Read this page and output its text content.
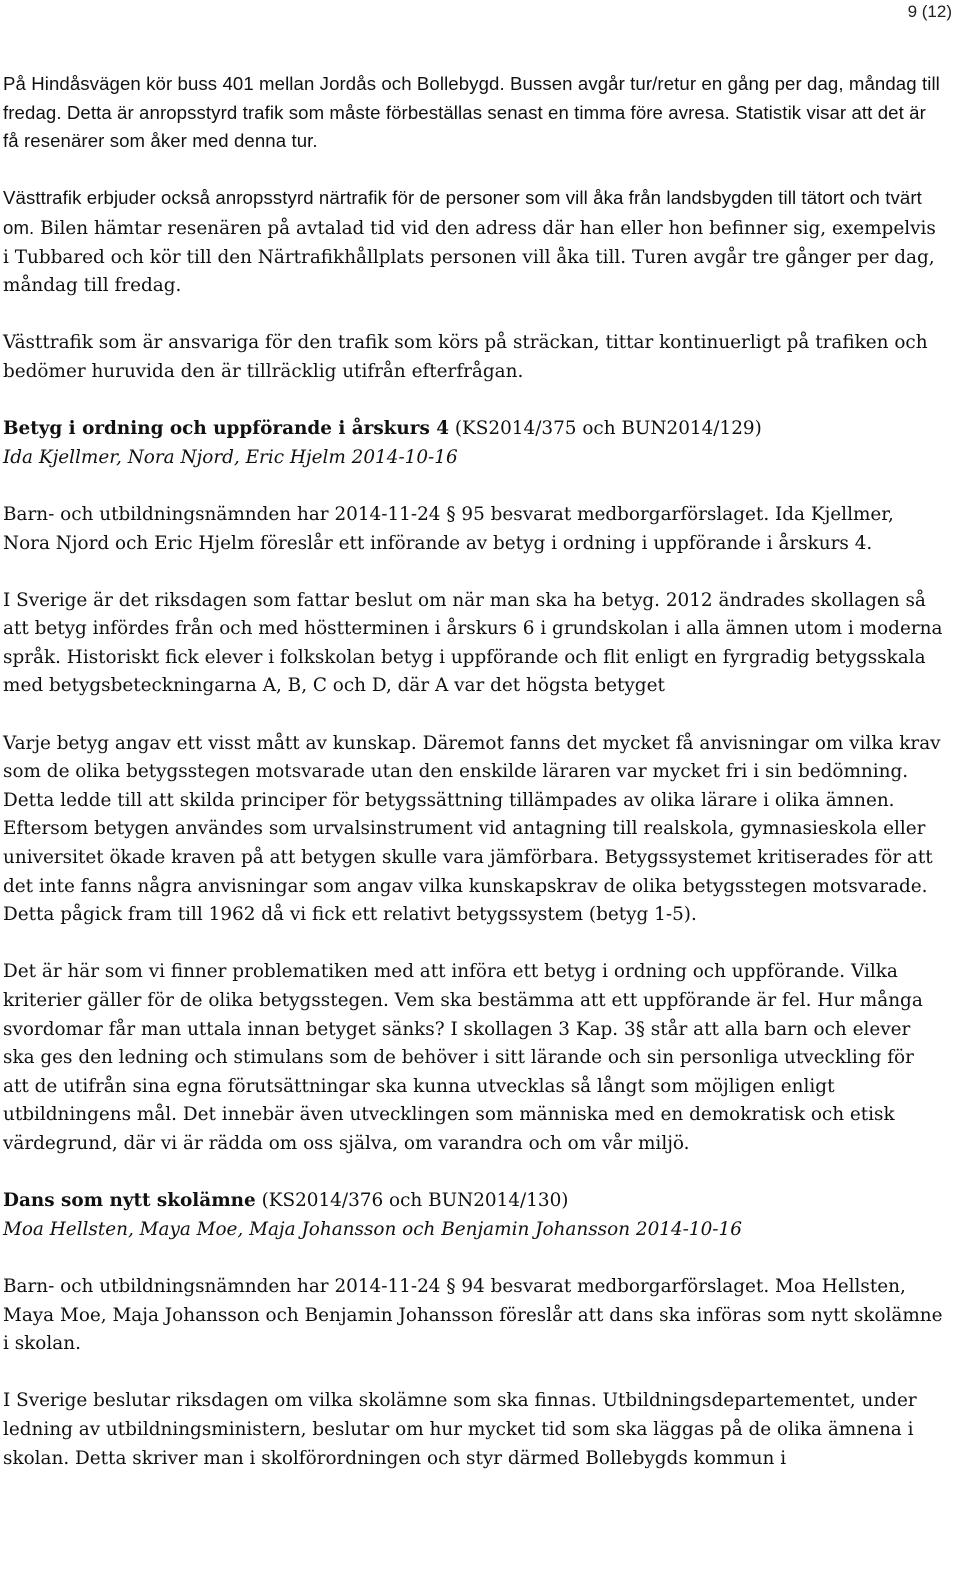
9 (12)

På Hindåsvägen kör buss 401 mellan Jordås och Bollebygd. Bussen avgår tur/retur en gång per dag, måndag till fredag. Detta är anropsstyrd trafik som måste förbeställas senast en timma före avresa. Statistik visar att det är få resenärer som åker med denna tur.

Västtrafik erbjuder också anropsstyrd närtrafik för de personer som vill åka från landsbygden till tätort och tvärt om. Bilen hämtar resenären på avtalad tid vid den adress där han eller hon befinner sig, exempelvis i Tubbared och kör till den Närtrafikhållplats personen vill åka till. Turen avgår tre gånger per dag, måndag till fredag.

Västtrafik som är ansvariga för den trafik som körs på sträckan, tittar kontinuerligt på trafiken och bedömer huruvida den är tillräcklig utifrån efterfrågan.

Betyg i ordning och uppförande i årskurs 4 (KS2014/375 och BUN2014/129)

Ida Kjellmer, Nora Njord, Eric Hjelm 2014-10-16

Barn- och utbildningsnämnden har 2014-11-24 § 95 besvarat medborgarförslaget. Ida Kjellmer, Nora Njord och Eric Hjelm föreslår ett införande av betyg i ordning i uppförande i årskurs 4.

I Sverige är det riksdagen som fattar beslut om när man ska ha betyg. 2012 ändrades skollagen så att betyg infördes från och med höstterminen i årskurs 6 i grundskolan i alla ämnen utom i moderna språk. Historiskt fick elever i folkskolan betyg i uppförande och flit enligt en fyrgradig betygsskala med betygsbeteckningarna A, B, C och D, där A var det högsta betyget

Varje betyg angav ett visst mått av kunskap. Däremot fanns det mycket få anvisningar om vilka krav som de olika betygsstegen motsvarade utan den enskilde läraren var mycket fri i sin bedömning. Detta ledde till att skilda principer för betygssättning tillämpades av olika lärare i olika ämnen. Eftersom betygen användes som urvalsinstrument vid antagning till realskola, gymnasieskola eller universitet ökade kraven på att betygen skulle vara jämförbara. Betygssystemet kritiserades för att det inte fanns några anvisningar som angav vilka kunskapskrav de olika betygsstegen motsvarade. Detta pågick fram till 1962 då vi fick ett relativt betygssystem (betyg 1-5).

Det är här som vi finner problematiken med att införa ett betyg i ordning och uppförande. Vilka kriterier gäller för de olika betygsstegen. Vem ska bestämma att ett uppförande är fel. Hur många svordomar får man uttala innan betyget sänks? I skollagen 3 Kap. 3§ står att alla barn och elever ska ges den ledning och stimulans som de behöver i sitt lärande och sin personliga utveckling för att de utifrån sina egna förutsättningar ska kunna utvecklas så långt som möjligen enligt utbildningens mål. Det innebär även utvecklingen som människa med en demokratisk och etisk värdegrund, där vi är rädda om oss själva, om varandra och om vår miljö.

Dans som nytt skolämne (KS2014/376 och BUN2014/130)

Moa Hellsten, Maya Moe, Maja Johansson och Benjamin Johansson 2014-10-16

Barn- och utbildningsnämnden har 2014-11-24 § 94 besvarat medborgarförslaget. Moa Hellsten, Maya Moe, Maja Johansson och Benjamin Johansson föreslår att dans ska införas som nytt skolämne i skolan.

I Sverige beslutar riksdagen om vilka skolämne som ska finnas. Utbildningsdepartementet, under ledning av utbildningsministern, beslutar om hur mycket tid som ska läggas på de olika ämnena i skolan. Detta skriver man i skolförordningen och styr därmed Bollebygds kommun i
